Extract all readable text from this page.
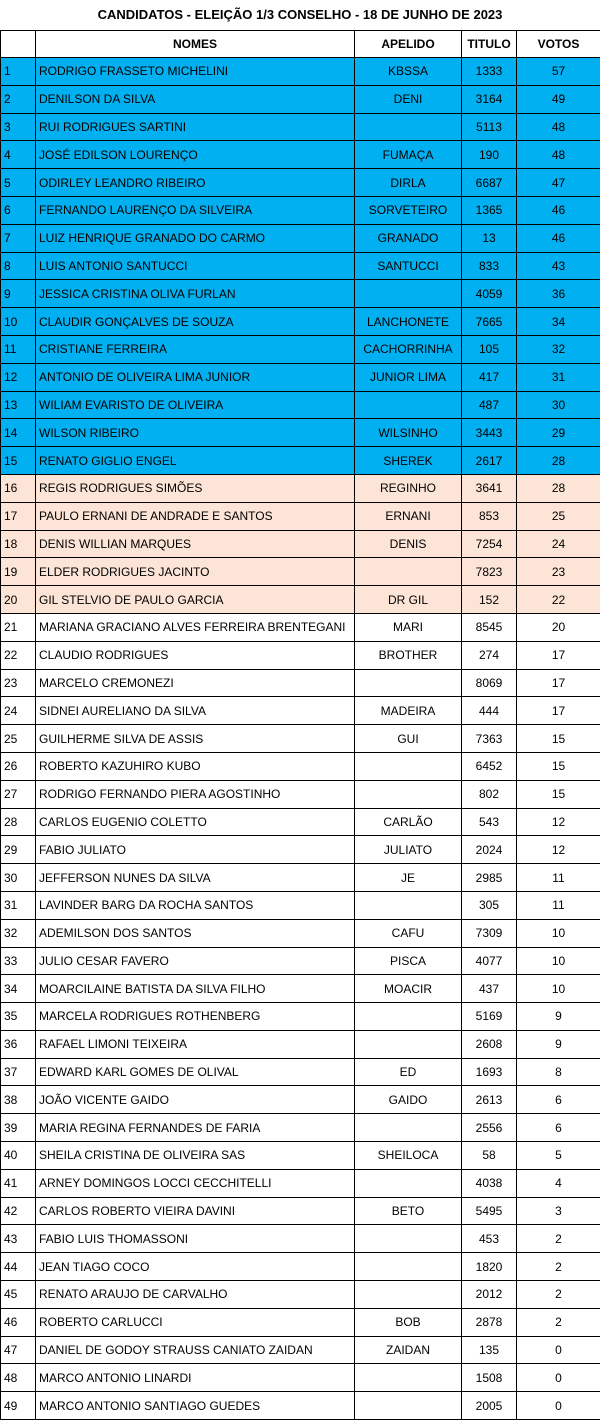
CANDIDATOS - ELEIÇÃO 1/3 CONSELHO - 18 DE JUNHO DE 2023
	NOMES	APELIDO	TITULO	VOTOS
1	RODRIGO FRASSETO MICHELINI	KBSSA	1333	57
2	DENILSON DA SILVA	DENI	3164	49
3	RUI RODRIGUES SARTINI		5113	48
4	JOSÉ EDILSON LOURENÇO	FUMAÇA	190	48
5	ODIRLEY LEANDRO RIBEIRO	DIRLA	6687	47
6	FERNANDO LAURENÇO DA SILVEIRA	SORVETEIRO	1365	46
7	LUIZ HENRIQUE GRANADO DO CARMO	GRANADO	13	46
8	LUIS ANTONIO SANTUCCI	SANTUCCI	833	43
9	JESSICA CRISTINA OLIVA FURLAN		4059	36
10	CLAUDIR GONÇALVES DE SOUZA	LANCHONETE	7665	34
11	CRISTIANE FERREIRA	CACHORRINHA	105	32
12	ANTONIO DE OLIVEIRA LIMA JUNIOR	JUNIOR LIMA	417	31
13	WILIAM EVARISTO DE OLIVEIRA		487	30
14	WILSON RIBEIRO	WILSINHO	3443	29
15	RENATO GIGLIO ENGEL	SHEREK	2617	28
16	REGIS RODRIGUES SIMÕES	REGINHO	3641	28
17	PAULO ERNANI DE ANDRADE E SANTOS	ERNANI	853	25
18	DENIS WILLIAN MARQUES	DENIS	7254	24
19	ELDER RODRIGUES JACINTO		7823	23
20	GIL STELVIO DE PAULO GARCIA	DR GIL	152	22
21	MARIANA GRACIANO ALVES FERREIRA BRENTEGANI	MARI	8545	20
22	CLAUDIO RODRIGUES	BROTHER	274	17
23	MARCELO CREMONEZI		8069	17
24	SIDNEI AURELIANO DA SILVA	MADEIRA	444	17
25	GUILHERME SILVA DE ASSIS	GUI	7363	15
26	ROBERTO KAZUHIRO KUBO		6452	15
27	RODRIGO FERNANDO PIERA AGOSTINHO		802	15
28	CARLOS EUGENIO COLETTO	CARLÃO	543	12
29	FABIO JULIATO	JULIATO	2024	12
30	JEFFERSON NUNES DA SILVA	JE	2985	11
31	LAVINDER BARG DA ROCHA SANTOS		305	11
32	ADEMILSON DOS SANTOS	CAFU	7309	10
33	JULIO CESAR FAVERO	PISCA	4077	10
34	MOARCILAINE BATISTA DA SILVA FILHO	MOACIR	437	10
35	MARCELA RODRIGUES ROTHENBERG		5169	9
36	RAFAEL LIMONI TEIXEIRA		2608	9
37	EDWARD KARL GOMES DE OLIVAL	ED	1693	8
38	JOÃO VICENTE GAIDO	GAIDO	2613	6
39	MARIA REGINA FERNANDES DE FARIA		2556	6
40	SHEILA CRISTINA DE OLIVEIRA SAS	SHEILOCA	58	5
41	ARNEY DOMINGOS LOCCI CECCHITELLI		4038	4
42	CARLOS ROBERTO VIEIRA DAVINI	BETO	5495	3
43	FABIO LUIS THOMASSONI		453	2
44	JEAN TIAGO COCO		1820	2
45	RENATO ARAUJO DE CARVALHO		2012	2
46	ROBERTO CARLUCCI	BOB	2878	2
47	DANIEL DE GODOY STRAUSS CANIATO ZAIDAN	ZAIDAN	135	0
48	MARCO ANTONIO LINARDI		1508	0
49	MARCO ANTONIO SANTIAGO GUEDES		2005	0
